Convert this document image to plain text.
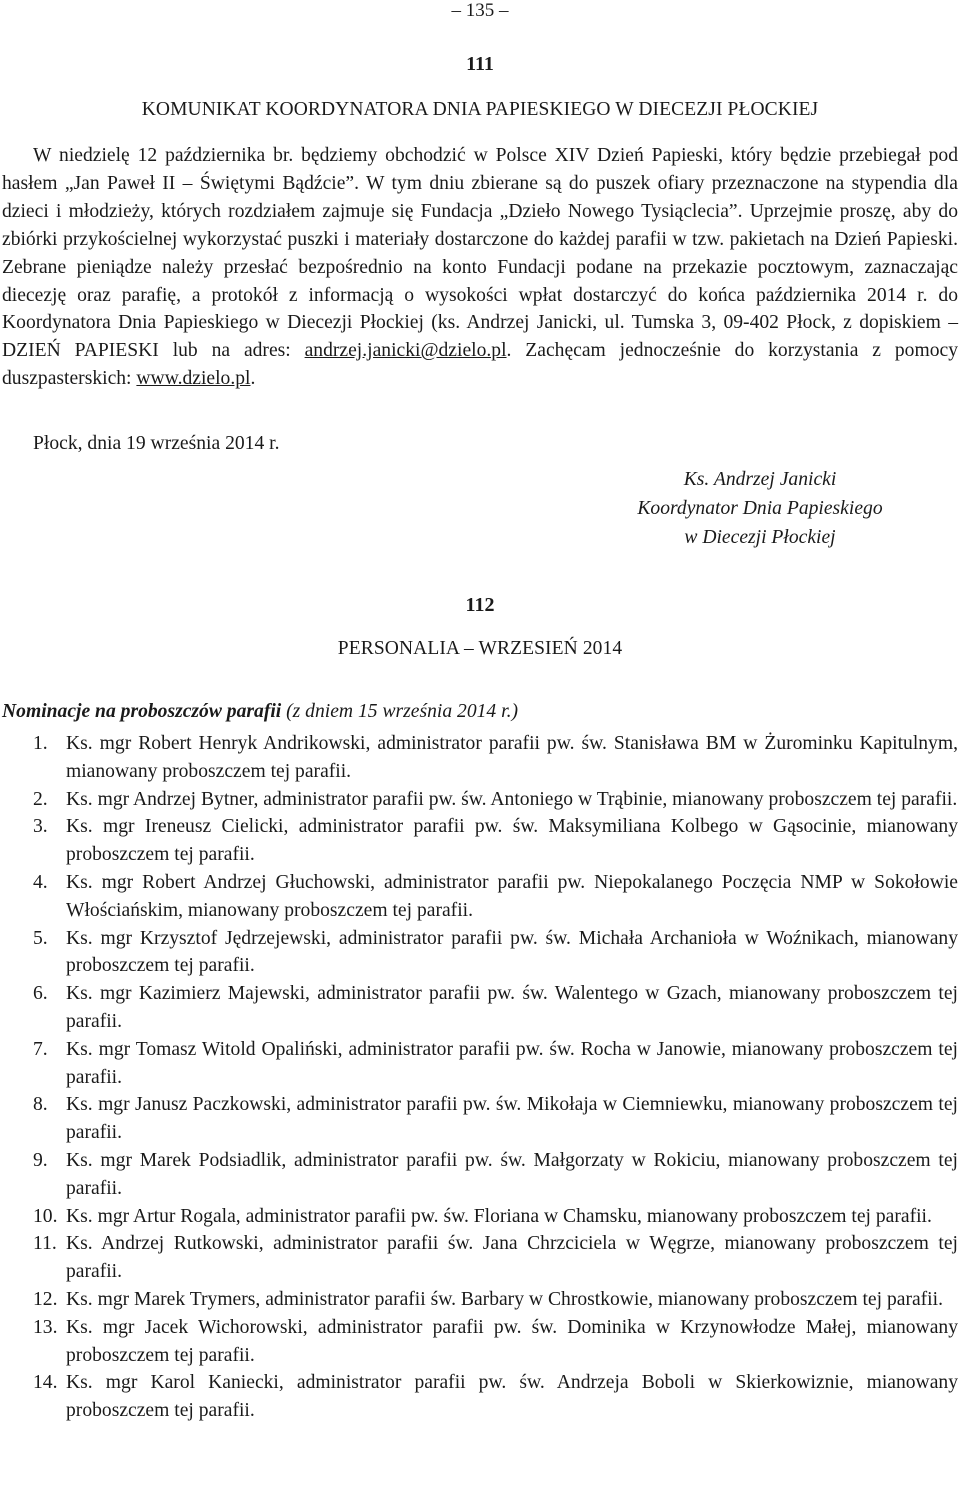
– 135 –
111
KOMUNIKAT KOORDYNATORA DNIA PAPIESKIEGO W DIECEZJI PŁOCKIEJ

W niedzielę 12 października br. będziemy obchodzić w Polsce XIV Dzień Papieski, który będzie przebiegał pod hasłem „Jan Paweł II – Świętymi Bądźcie”. W tym dniu zbierane są do puszek ofiary przeznaczone na stypendia dla dzieci i młodzieży, których rozdziałem zajmuje się Fundacja „Dzieło Nowego Tysiąclecia”. Uprzejmie proszę, aby do zbiórki przykościelnej wykorzystać puszki i materiały dostarczone do każdej parafii w tzw. pakietach na Dzień Papieski. Zebrane pieniądze należy przesłać bezpośrednio na konto Fundacji podane na przekazie pocztowym, zaznaczając diecezję oraz parafię, a protokół z informacją o wysokości wpłat dostarczyć do końca października 2014 r. do Koordynatora Dnia Papieskiego w Diecezji Płockiej (ks. Andrzej Janicki, ul. Tumska 3, 09-402 Płock, z dopiskiem – DZIEŃ PAPIESKI lub na adres: andrzej.janicki@dzielo.pl. Zachęcam jednocześnie do korzystania z pomocy duszpasterskich: www.dzielo.pl.

Płock, dnia 19 września 2014 r.
Ks. Andrzej Janicki
Koordynator Dnia Papieskiego
w Diecezji Płockiej
112
PERSONALIA – WRZESIEŃ 2014
Nominacje na proboszczów parafii (z dniem 15 września 2014 r.)
1. Ks. mgr Robert Henryk Andrikowski, administrator parafii pw. św. Stanisława BM w Żurominku Kapitulnym, mianowany proboszczem tej parafii.
2. Ks. mgr Andrzej Bytner, administrator parafii pw. św. Antoniego w Trąbinie, mianowany proboszczem tej parafii.
3. Ks. mgr Ireneusz Cielicki, administrator parafii pw. św. Maksymiliana Kolbego w Gąsocinie, mianowany proboszczem tej parafii.
4. Ks. mgr Robert Andrzej Głuchowski, administrator parafii pw. Niepokalanego Poczęcia NMP w Sokołowie Włościańskim, mianowany proboszczem tej parafii.
5. Ks. mgr Krzysztof Jędrzejewski, administrator parafii pw. św. Michała Archanioła w Woźnikach, mianowany proboszczem tej parafii.
6. Ks. mgr Kazimierz Majewski, administrator parafii pw. św. Walentego w Gzach, mianowany proboszczem tej parafii.
7. Ks. mgr Tomasz Witold Opaliński, administrator parafii pw. św. Rocha w Janowie, mianowany proboszczem tej parafii.
8. Ks. mgr Janusz Paczkowski, administrator parafii pw. św. Mikołaja w Ciemniewku, mianowany proboszczem tej parafii.
9. Ks. mgr Marek Podsiadlik, administrator parafii pw. św. Małgorzaty w Rokiciu, mianowany proboszczem tej parafii.
10. Ks. mgr Artur Rogala, administrator parafii pw. św. Floriana w Chamsku, mianowany proboszczem tej parafii.
11. Ks. Andrzej Rutkowski, administrator parafii św. Jana Chrzciciela w Węgrze, mianowany proboszczem tej parafii.
12. Ks. mgr Marek Trymers, administrator parafii św. Barbary w Chrostkowie, mianowany proboszczem tej parafii.
13. Ks. mgr Jacek Wichorowski, administrator parafii pw. św. Dominika w Krzynowłodze Małej, mianowany proboszczem tej parafii.
14. Ks. mgr Karol Kaniecki, administrator parafii pw. św. Andrzeja Boboli w Skierkowiznie, mianowany proboszczem tej parafii.
